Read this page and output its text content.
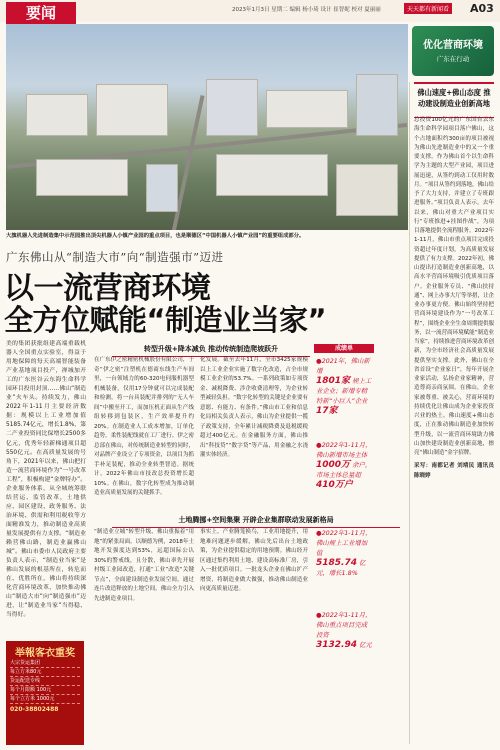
要闻	2023年1月3日 星期二 编辑 杨小琦 设计 崔智妮 校对 夏丽丽	天天都有新闻看 A03
优化营商环境
广东在行动
佛山速度+佛山态度 推动建设制造业创新高地
大旗机器人先进制造集中示范园推出顶尖机器人小镇产业园的重点项目，也是顺德区“中国机器人小镇产业园”的重要组成部分。
广东佛山从“制造大市”向“制造强市”迈进
以一流营商环境
全方位赋能“制造业当家”
美的集团获批组建高端重载机器人全国重点实验室，得益于用地保障的每天高端智能装备产业基地项目投产，禅城加开工的广东医谷云东海生命科学园环目投用封顶……佛山“制造业”火车头。持续发力，佛山2022年1-11月主要经济数据：规模以上工业增加值5185.74亿元，增长1.8%，第二产业投资同比保增长2500多亿元，优秀年轻新梯通项目超550亿元。在高质量发展的号角下，2021年以来，佛山把打造一流营商环境作为“一号改革工程”，积极构建“金牌特办”。企业服务体系，从全城统筹联结营运、监管改革，土地供应、园区建设、政务服务、法治环境、供需和利用税收等方面精准发力，推动制造业高质量发展提供有力支撑。“制造业赖营佛山路，制造业赢佛山城”。佛山市委市人民政府主要负责人表示，“制造业当家”是佛山发展的根基所在，转危而在、优胜所在，佛山将持续深化营商环境改革，加快推动佛山“制造大市”向“制造强市”迈进，让“制造业当家”当得稳、当得好。
转型升级+降本减负 推动传统制造爬坡跃升
在广东伊之密精密机械股份有限公司，于奇“伊之密”注塑机在德商东线生产车间里，一台领域力的60-320电伺服机器型机械装备，仅用17分钟就可以完成装配和检测，将一台具装配并排列的“无人车间”中搬至开工，而加压机正面从生产线组转移到包装区，生产效率提升约20%。在制造业人工成本增加，订单化趋势，柔性装配线就在工厂进行。伊之密总部在佛山，对传统制造业转型的同时，对品牌产业设立了专项资金，以项目为抓手补足装配，推动全业转型智造。据统计，2022年佛山市技改总投资增长超10%。在佛山，数字化转型成为推动制造业高质量发展的关键抓手。
化发展。截至去年11月，全市3425家规模以上工业企业实施了数字化改造，占全市规模工业企业的53.7%。一系列政策如专项资金、减税降费、涉企收费清理等，为企业转型减轻负担。“数字化转型的关键是企业要有意愿、有能力、有条件。”佛山市工业和信息化局相关负责人表示，佛山为企业提供一揽子政策支持，全年累计减税降费及退税缓税超过400亿元。在金融服务方面，佛山推出“科技贷”“数字贷”等产品，用金融之水浇灌实体经济。
成绩单
●2021年，佛山新增
1801家 规上工业企业；新增专精特新“小巨人”企业 17家
●2022年1-11月，佛山新增市场主体
1000万 余户，市场主体总量超 410万户
土地腾挪+空间集聚 开辟企业集群联动发展新格局
“制造业立城”转型升级，佛山重振着“用地”的紧张局面。以顺德为例，2018年土地开发强度达到53%，远超国际公认30%的警戒线，且分散，佛山率先开展村级工业园改造，打通“工业”改造“关键节点”，全面建设制造业发展空间。通过连片改造释放的土地空间，佛山全力引入先进制造业项目。
事实上，产业腾笼换鸟，工业用地提升，用地难问题逐步缓解，佛山先后出台土地政策，为企业提供稳定的用地预期。佛山经开区通过集约利用土地、建设高标准厂房，引入一批优质项目。一批龙头企业在佛山扩产增资，将制造业做大做强，推动佛山制造业向更高质量迈进。
●2022年1-11月，佛山规上工业增加值
5185.74 亿元，增长1.8%
●2022年1-11月，佛山重点项目完成投资
3132.94 亿元
举報客衣重奖
大宗货运集团
每立方米80元
货运配送专线
每个月限额 100元
每个立方米 1000元
020-38802488
总投资100亿元的广东国台云东海生命科学园项目落户佛山，这个占地面积约300亩的项目被视为佛山先进制造业中的又一个重要支撑。作为佛山首个以生命科学为主题的大型产业园，项目进展迅速，从签约到动工仅用时数月。“项目从签约到落地，佛山给予了大力支持，并建立了专班跟进服务。”项目负责人表示。去年以来，佛山对重大产业项目实行“专班推进+挂图作战”，为项目落地提供全流程服务。2022年1-11月，佛山市重点项目完成投资超过年度计划，为高质量发展提供了有力支撑。2022年初，佛山提出打造制造业创新高地，以高水平营商环境吸引优质项目落户。企业服务专员、“佛山扶持通”、网上办事大厅等举措，让企业办事更方便。佛山始终坚持把营商环境建设作为“一号改革工程”，围绕企业全生命周期提供服务，以一流营商环境赋能“制造业当家”，持续推进营商环境改革创新，为全市经济社会高质量发展提供坚实支撑。此外，佛山在全省首设“企业家日”，每年开展企业家活动，弘扬企业家精神，营造尊商亲商氛围。在佛山，企业家被尊重、被关心，营商环境的持续优化让佛山成为企业家投资兴业的热土。佛山速度+佛山态度，正在推动佛山制造业加快转型升级，以一流营商环境助力佛山加快建设制造业创新高地，擦亮“佛山制造”金字招牌。
采写：南都记者 刘靖民 通讯员 陈晓婷
